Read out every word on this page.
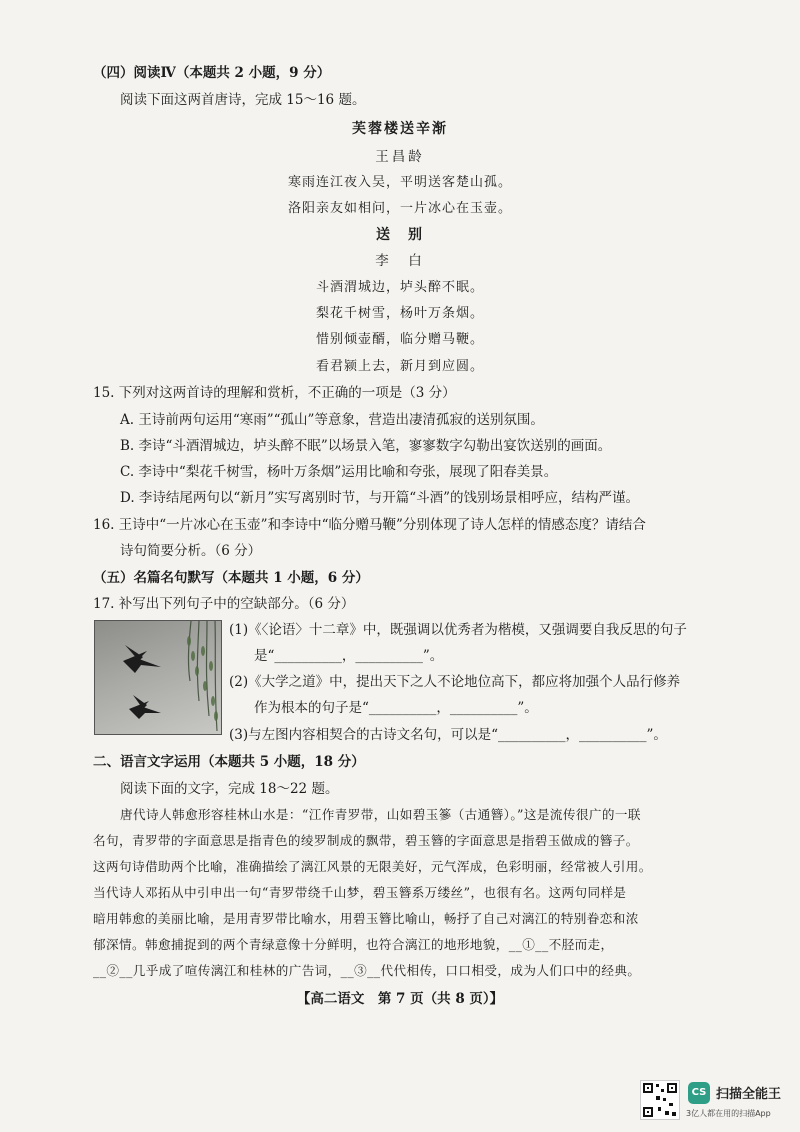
（四）阅读Ⅳ（本题共 2 小题，9 分）
阅读下面这两首唐诗，完成 15～16 题。
芙蓉楼送辛渐
王昌龄
寒雨连江夜入吴，平明送客楚山孤。
洛阳亲友如相问，一片冰心在玉壶。
送　别
李　白
斗酒渭城边，垆头醉不眠。
梨花千树雪，杨叶万条烟。
惜别倾壶醑，临分赠马鞭。
看君颍上去，新月到应圆。
15. 下列对这两首诗的理解和赏析，不正确的一项是（3 分）
A. 王诗前两句运用“寒雨”“孤山”等意象，营造出凄清孤寂的送别氛围。
B. 李诗“斗酒渭城边，垆头醉不眠”以场景入笔，寥寥数字勾勒出宴饮送别的画面。
C. 李诗中“梨花千树雪，杨叶万条烟”运用比喻和夸张，展现了阳春美景。
D. 李诗结尾两句以“新月”实写离别时节，与开篇“斗酒”的饯别场景相呼应，结构严谨。
16. 王诗中“一片冰心在玉壶”和李诗中“临分赠马鞭”分别体现了诗人怎样的情感态度？请结合
诗句简要分析。（6 分）
（五）名篇名句默写（本题共 1 小题，6 分）
17. 补写出下列句子中的空缺部分。（6 分）
(1)《〈论语〉十二章》中，既强调以优秀者为楷模，又强调要自我反思的句子
是“__________，__________”。
(2)《大学之道》中，提出天下之人不论地位高下，都应将加强个人品行修养
作为根本的句子是“__________，__________”。
(3)与左图内容相契合的古诗文名句，可以是“__________，__________”。
二、语言文字运用（本题共 5 小题，18 分）
阅读下面的文字，完成 18～22 题。
唐代诗人韩愈形容桂林山水是：“江作青罗带，山如碧玉篸（古通簪）。”这是流传很广的一联
名句，青罗带的字面意思是指青色的绫罗制成的飘带，碧玉簪的字面意思是指碧玉做成的簪子。
这两句诗借助两个比喻，准确描绘了漓江风景的无限美好，元气浑成，色彩明丽，经常被人引用。
当代诗人邓拓从中引申出一句“青罗带绕千山梦，碧玉簪系万缕丝”，也很有名。这两句同样是
暗用韩愈的美丽比喻，是用青罗带比喻水，用碧玉簪比喻山，畅抒了自己对漓江的特别眷恋和浓
郁深情。韩愈捕捉到的两个青绿意像十分鲜明，也符合漓江的地形地貌，__①__不胫而走，
__②__几乎成了喧传漓江和桂林的广告词，__③__代代相传，口口相受，成为人们口中的经典。
【高二语文　第 7 页（共 8 页）】
CS 扫描全能王
3亿人都在用的扫描App
